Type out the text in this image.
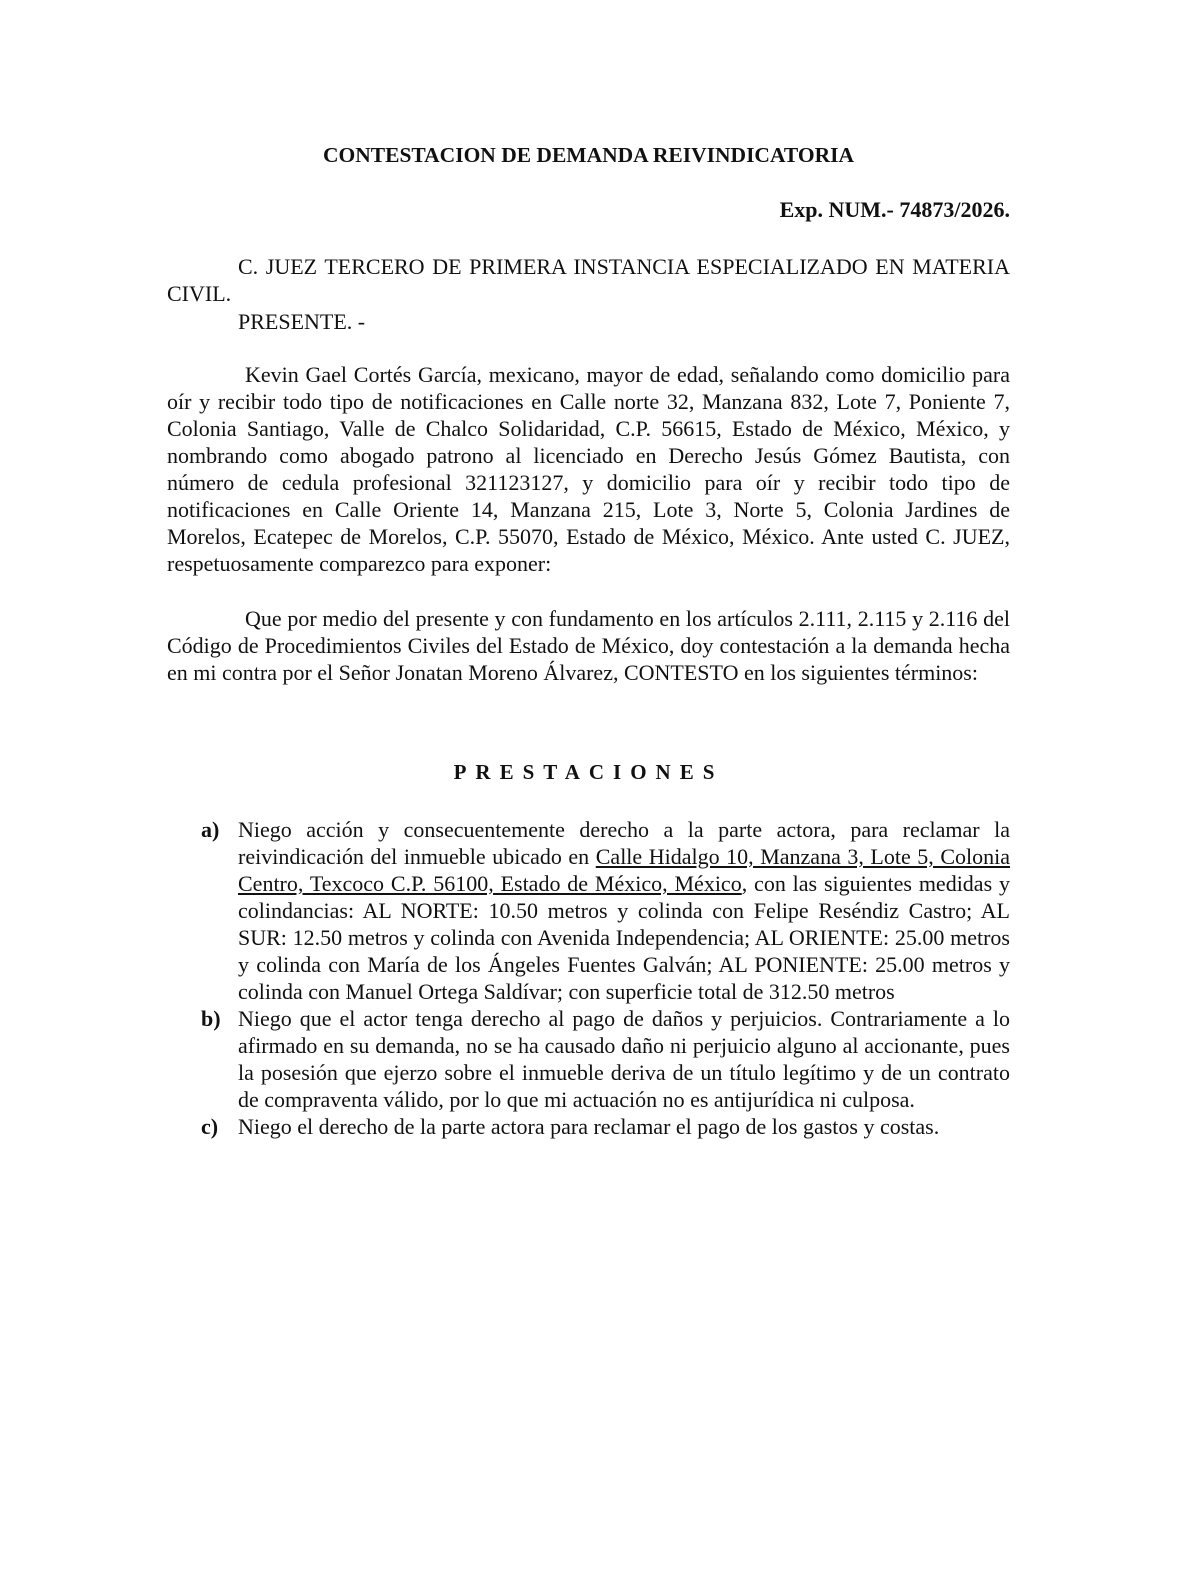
CONTESTACION DE DEMANDA REIVINDICATORIA
Exp. NUM.- 74873/2026.

C. JUEZ TERCERO DE PRIMERA INSTANCIA ESPECIALIZADO EN MATERIA CIVIL.

PRESENTE. -

Kevin Gael Cortés García, mexicano, mayor de edad, señalando como domicilio para oír y recibir todo tipo de notificaciones en Calle norte 32, Manzana 832, Lote 7, Poniente 7, Colonia Santiago, Valle de Chalco Solidaridad, C.P. 56615, Estado de México, México, y nombrando como abogado patrono al licenciado en Derecho Jesús Gómez Bautista, con número de cedula profesional 321123127, y domicilio para oír y recibir todo tipo de notificaciones en Calle Oriente 14, Manzana 215, Lote 3, Norte 5, Colonia Jardines de Morelos, Ecatepec de Morelos, C.P. 55070, Estado de México, México. Ante usted C. JUEZ, respetuosamente comparezco para exponer:

Que por medio del presente y con fundamento en los artículos 2.111, 2.115 y 2.116 del Código de Procedimientos Civiles del Estado de México, doy contestación a la demanda hecha en mi contra por el Señor Jonatan Moreno Álvarez, CONTESTO en los siguientes términos:

PRESTACIONES
a) Niego acción y consecuentemente derecho a la parte actora, para reclamar la reivindicación del inmueble ubicado en Calle Hidalgo 10, Manzana 3, Lote 5, Colonia Centro, Texcoco C.P. 56100, Estado de México, México, con las siguientes medidas y colindancias: AL NORTE: 10.50 metros y colinda con Felipe Reséndiz Castro; AL SUR: 12.50 metros y colinda con Avenida Independencia; AL ORIENTE: 25.00 metros y colinda con María de los Ángeles Fuentes Galván; AL PONIENTE: 25.00 metros y colinda con Manuel Ortega Saldívar; con superficie total de 312.50 metros
b) Niego que el actor tenga derecho al pago de daños y perjuicios. Contrariamente a lo afirmado en su demanda, no se ha causado daño ni perjuicio alguno al accionante, pues la posesión que ejerzo sobre el inmueble deriva de un título legítimo y de un contrato de compraventa válido, por lo que mi actuación no es antijurídica ni culposa.
c) Niego el derecho de la parte actora para reclamar el pago de los gastos y costas.
